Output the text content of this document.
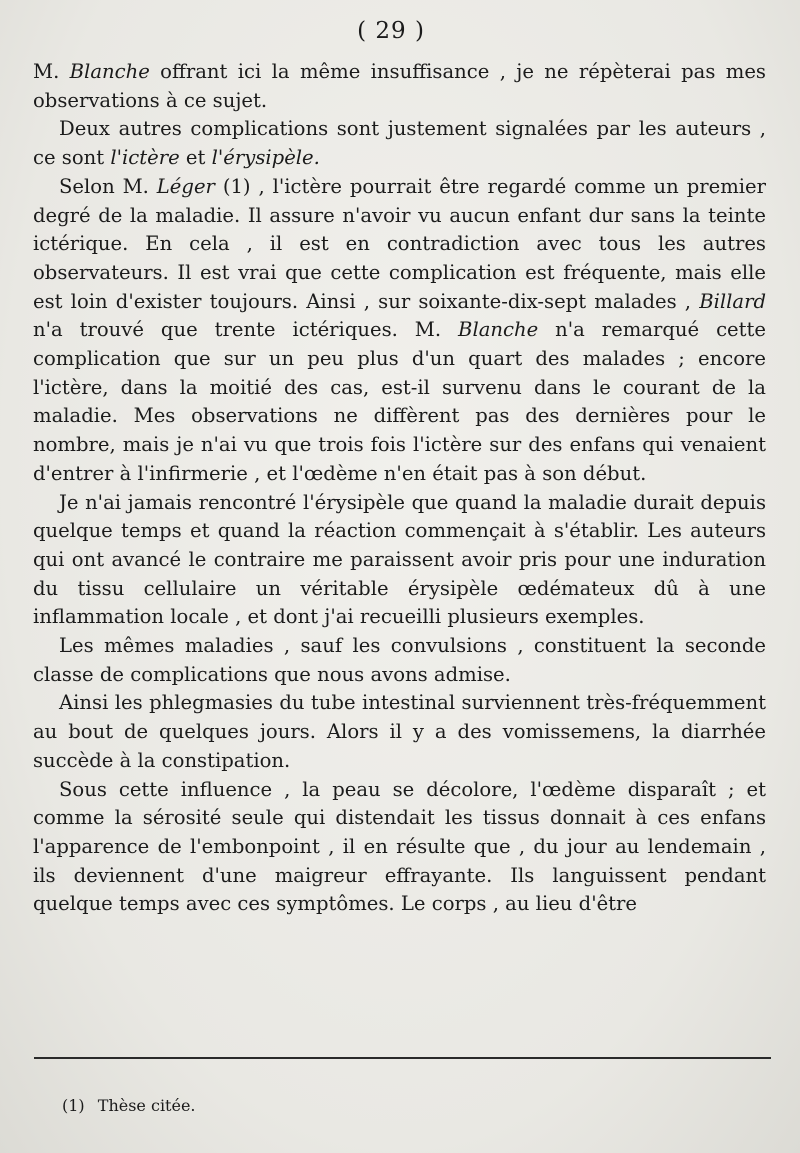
( 29 )

M. Blanche offrant ici la même insuffisance , je ne répèterai pas mes observations à ce sujet.

Deux autres complications sont justement signalées par les auteurs , ce sont l'ictère et l'érysipèle.

Selon M. Léger (1) , l'ictère pourrait être regardé comme un premier degré de la maladie. Il assure n'avoir vu aucun enfant dur sans la teinte ictérique. En cela , il est en contradiction avec tous les autres observateurs. Il est vrai que cette complication est fréquente, mais elle est loin d'exister toujours. Ainsi , sur soixante-dix-sept malades , Billard n'a trouvé que trente ictériques. M. Blanche n'a remarqué cette complication que sur un peu plus d'un quart des malades ; encore l'ictère, dans la moitié des cas, est-il survenu dans le courant de la maladie. Mes observations ne diffèrent pas des dernières pour le nombre, mais je n'ai vu que trois fois l'ictère sur des enfans qui venaient d'entrer à l'infirmerie , et l'œdème n'en était pas à son début.

Je n'ai jamais rencontré l'érysipèle que quand la maladie durait depuis quelque temps et quand la réaction commençait à s'établir. Les auteurs qui ont avancé le contraire me paraissent avoir pris pour une induration du tissu cellulaire un véritable érysipèle œdémateux dû à une inflammation locale , et dont j'ai recueilli plusieurs exemples.

Les mêmes maladies , sauf les convulsions , constituent la seconde classe de complications que nous avons admise.

Ainsi les phlegmasies du tube intestinal surviennent très-fréquemment au bout de quelques jours. Alors il y a des vomissemens, la diarrhée succède à la constipation.

Sous cette influence , la peau se décolore, l'œdème disparaît ; et comme la sérosité seule qui distendait les tissus donnait à ces enfans l'apparence de l'embonpoint , il en résulte que , du jour au lendemain , ils deviennent d'une maigreur effrayante. Ils languissent pendant quelque temps avec ces symptômes. Le corps , au lieu d'être

(1) Thèse citée.
